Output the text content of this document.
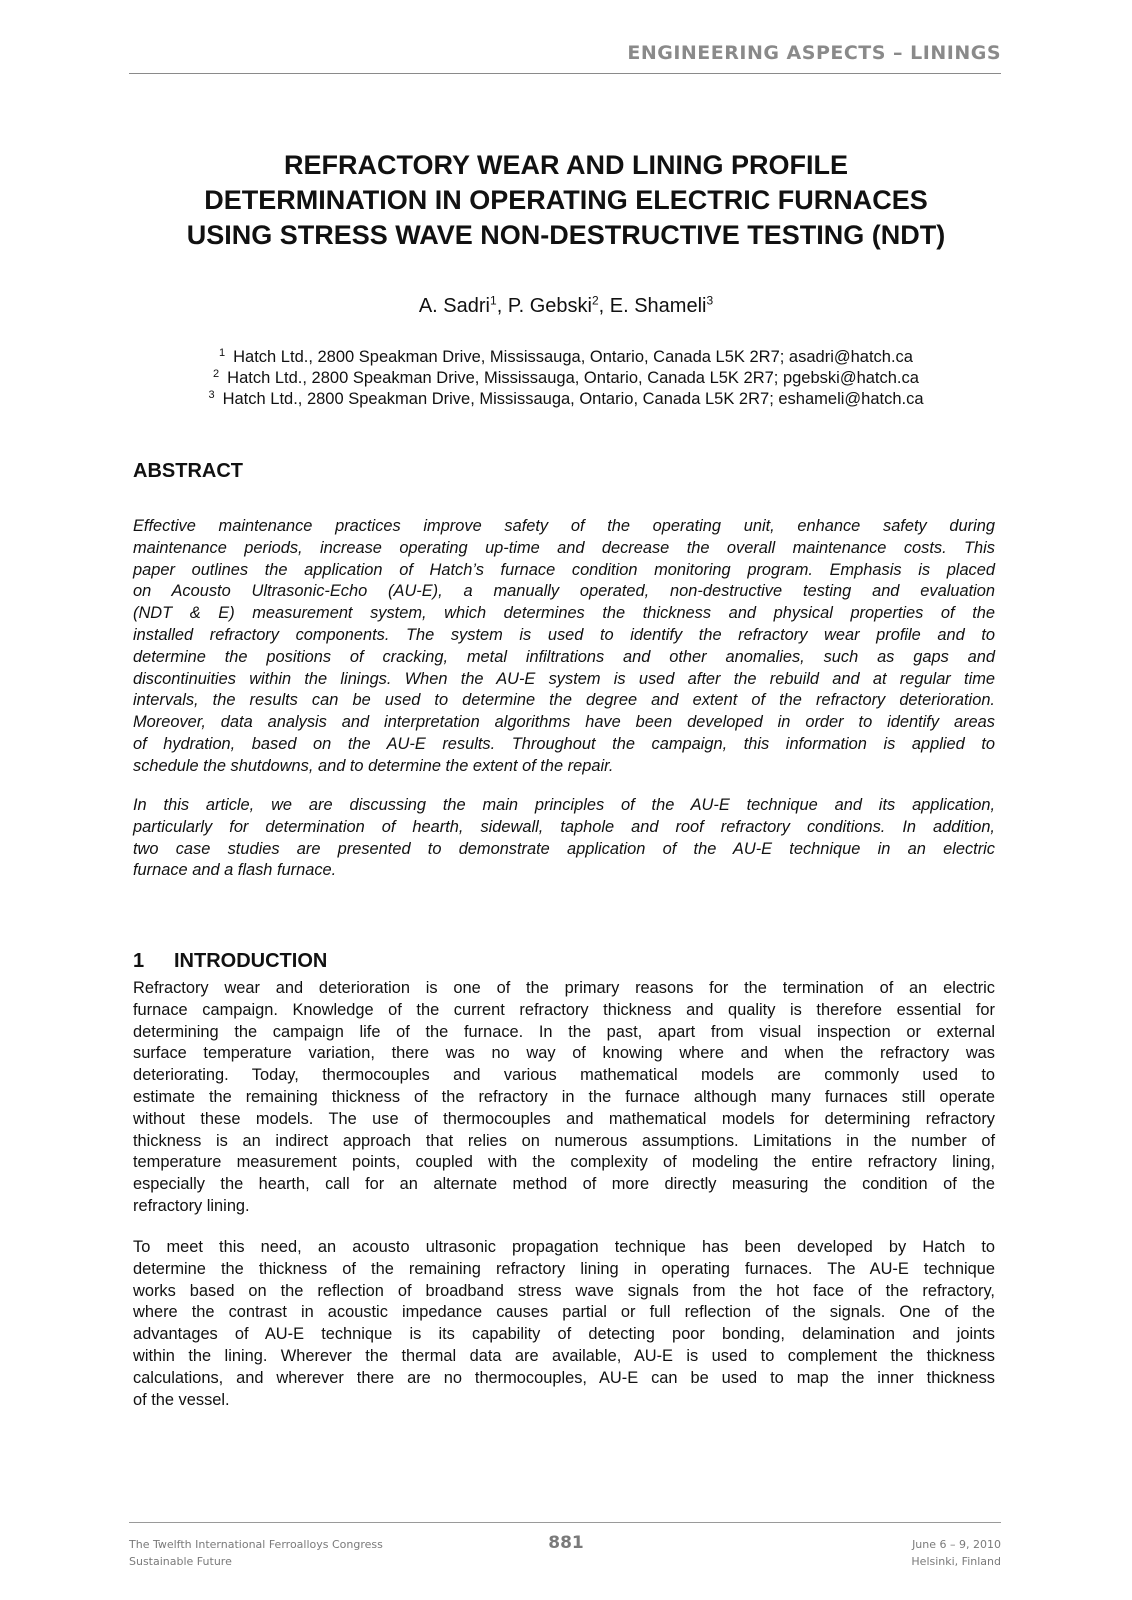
ENGINEERING ASPECTS – LININGS
REFRACTORY WEAR AND LINING PROFILE
DETERMINATION IN OPERATING ELECTRIC FURNACES
USING STRESS WAVE NON-DESTRUCTIVE TESTING (NDT)
A. Sadri$^1$, P. Gebski$^2$, E. Shameli$^3$
$^1$ Hatch Ltd., 2800 Speakman Drive, Mississauga, Ontario, Canada L5K 2R7; asadri@hatch.ca
$^2$ Hatch Ltd., 2800 Speakman Drive, Mississauga, Ontario, Canada L5K 2R7; pgebski@hatch.ca
$^3$ Hatch Ltd., 2800 Speakman Drive, Mississauga, Ontario, Canada L5K 2R7; eshameli@hatch.ca
ABSTRACT
Effective maintenance practices improve safety of the operating unit, enhance safety during
maintenance periods, increase operating up-time and decrease the overall maintenance costs. This
paper outlines the application of Hatch’s furnace condition monitoring program. Emphasis is placed
on Acousto Ultrasonic-Echo (AU-E), a manually operated, non-destructive testing and evaluation
(NDT & E) measurement system, which determines the thickness and physical properties of the
installed refractory components. The system is used to identify the refractory wear profile and to
determine the positions of cracking, metal infiltrations and other anomalies, such as gaps and
discontinuities within the linings. When the AU-E system is used after the rebuild and at regular time
intervals, the results can be used to determine the degree and extent of the refractory deterioration.
Moreover, data analysis and interpretation algorithms have been developed in order to identify areas
of hydration, based on the AU-E results. Throughout the campaign, this information is applied to
schedule the shutdowns, and to determine the extent of the repair.
In this article, we are discussing the main principles of the AU-E technique and its application,
particularly for determination of hearth, sidewall, taphole and roof refractory conditions. In addition,
two case studies are presented to demonstrate application of the AU-E technique in an electric
furnace and a flash furnace.
1 INTRODUCTION
Refractory wear and deterioration is one of the primary reasons for the termination of an electric
furnace campaign. Knowledge of the current refractory thickness and quality is therefore essential for
determining the campaign life of the furnace. In the past, apart from visual inspection or external
surface temperature variation, there was no way of knowing where and when the refractory was
deteriorating. Today, thermocouples and various mathematical models are commonly used to
estimate the remaining thickness of the refractory in the furnace although many furnaces still operate
without these models. The use of thermocouples and mathematical models for determining refractory
thickness is an indirect approach that relies on numerous assumptions. Limitations in the number of
temperature measurement points, coupled with the complexity of modeling the entire refractory lining,
especially the hearth, call for an alternate method of more directly measuring the condition of the
refractory lining.
To meet this need, an acousto ultrasonic propagation technique has been developed by Hatch to
determine the thickness of the remaining refractory lining in operating furnaces. The AU-E technique
works based on the reflection of broadband stress wave signals from the hot face of the refractory,
where the contrast in acoustic impedance causes partial or full reflection of the signals. One of the
advantages of AU-E technique is its capability of detecting poor bonding, delamination and joints
within the lining. Wherever the thermal data are available, AU-E is used to complement the thickness
calculations, and wherever there are no thermocouples, AU-E can be used to map the inner thickness
of the vessel.
The Twelfth International Ferroalloys Congress
Sustainable Future
881	June 6 – 9, 2010
Helsinki, Finland
